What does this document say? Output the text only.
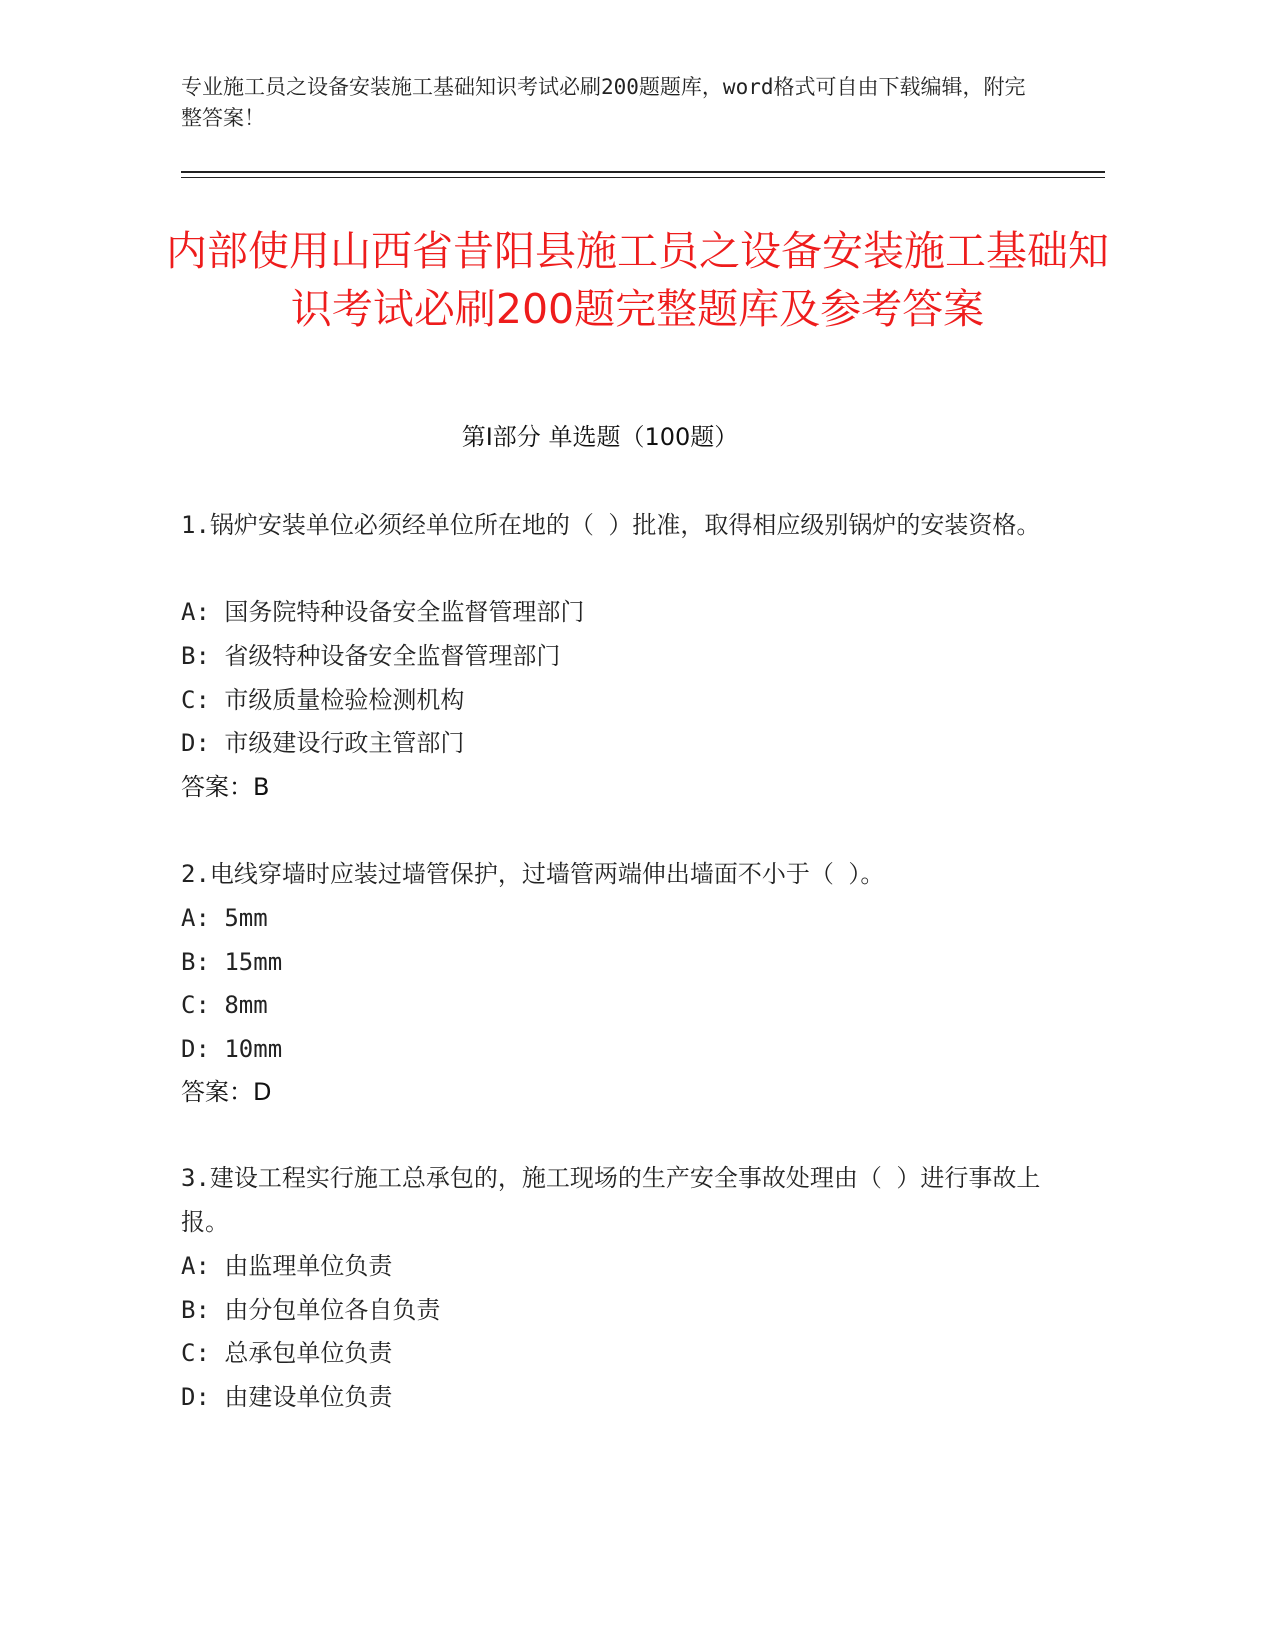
专业施工员之设备安装施工基础知识考试必刷200题题库，word格式可自由下载编辑，附完整答案！
内部使用山西省昔阳县施工员之设备安装施工基础知识考试必刷200题完整题库及参考答案
第Ⅰ部分 单选题（100题）
1.锅炉安装单位必须经单位所在地的（ ）批准，取得相应级别锅炉的安装资格。
A: 国务院特种设备安全监督管理部门
B: 省级特种设备安全监督管理部门
C: 市级质量检验检测机构
D: 市级建设行政主管部门
答案：B
2.电线穿墙时应装过墙管保护，过墙管两端伸出墙面不小于（ ）。
A: 5mm
B: 15mm
C: 8mm
D: 10mm
答案：D
3.建设工程实行施工总承包的，施工现场的生产安全事故处理由（ ）进行事故上报。
A: 由监理单位负责
B: 由分包单位各自负责
C: 总承包单位负责
D: 由建设单位负责
